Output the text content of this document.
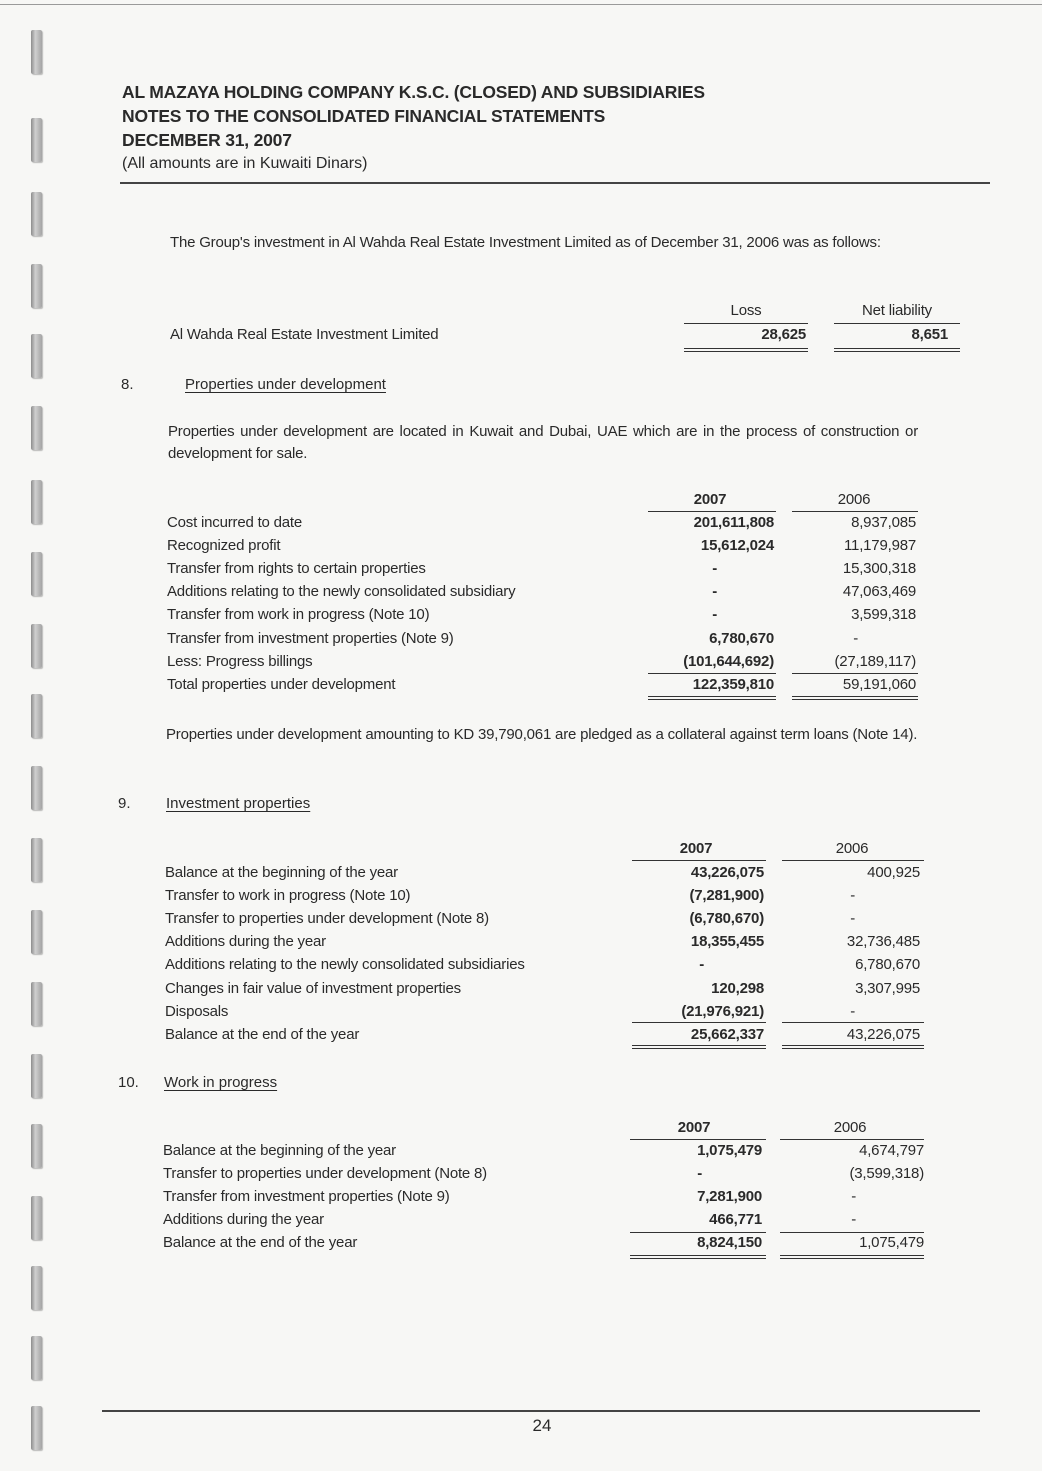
AL MAZAYA HOLDING COMPANY K.S.C. (CLOSED) AND SUBSIDIARIES
NOTES TO THE CONSOLIDATED FINANCIAL STATEMENTS
DECEMBER 31, 2007
(All amounts are in Kuwaiti Dinars)
The Group's investment in Al Wahda Real Estate Investment Limited as of December 31, 2006 was as follows:
Loss	Net liability
Al Wahda Real Estate Investment Limited	28,625	8,651
8.	Properties under development
Properties under development are located in Kuwait and Dubai, UAE which are in the process of construction or development for sale.
2007	2006
Cost incurred to date	201,611,808	8,937,085
Recognized profit	15,612,024	11,179,987
Transfer from rights to certain properties	-	15,300,318
Additions relating to the newly consolidated subsidiary	-	47,063,469
Transfer from work in progress (Note 10)	-	3,599,318
Transfer from investment properties (Note 9)	6,780,670	-
Less: Progress billings	(101,644,692)	(27,189,117)
Total properties under development	122,359,810	59,191,060
Properties under development amounting to KD 39,790,061 are pledged as a collateral against term loans (Note 14).
9. Investment properties
2007	2006
Balance at the beginning of the year	43,226,075	400,925
Transfer to work in progress (Note 10)	(7,281,900)	-
Transfer to properties under development (Note 8)	(6,780,670)	-
Additions during the year	18,355,455	32,736,485
Additions relating to the newly consolidated subsidiaries	-	6,780,670
Changes in fair value of investment properties	120,298	3,307,995
Disposals	(21,976,921)	-
Balance at the end of the year	25,662,337	43,226,075
10. Work in progress
2007	2006
Balance at the beginning of the year	1,075,479	4,674,797
Transfer to properties under development (Note 8)	-	(3,599,318)
Transfer from investment properties (Note 9)	7,281,900	-
Additions during the year	466,771	-
Balance at the end of the year	8,824,150	1,075,479
24
